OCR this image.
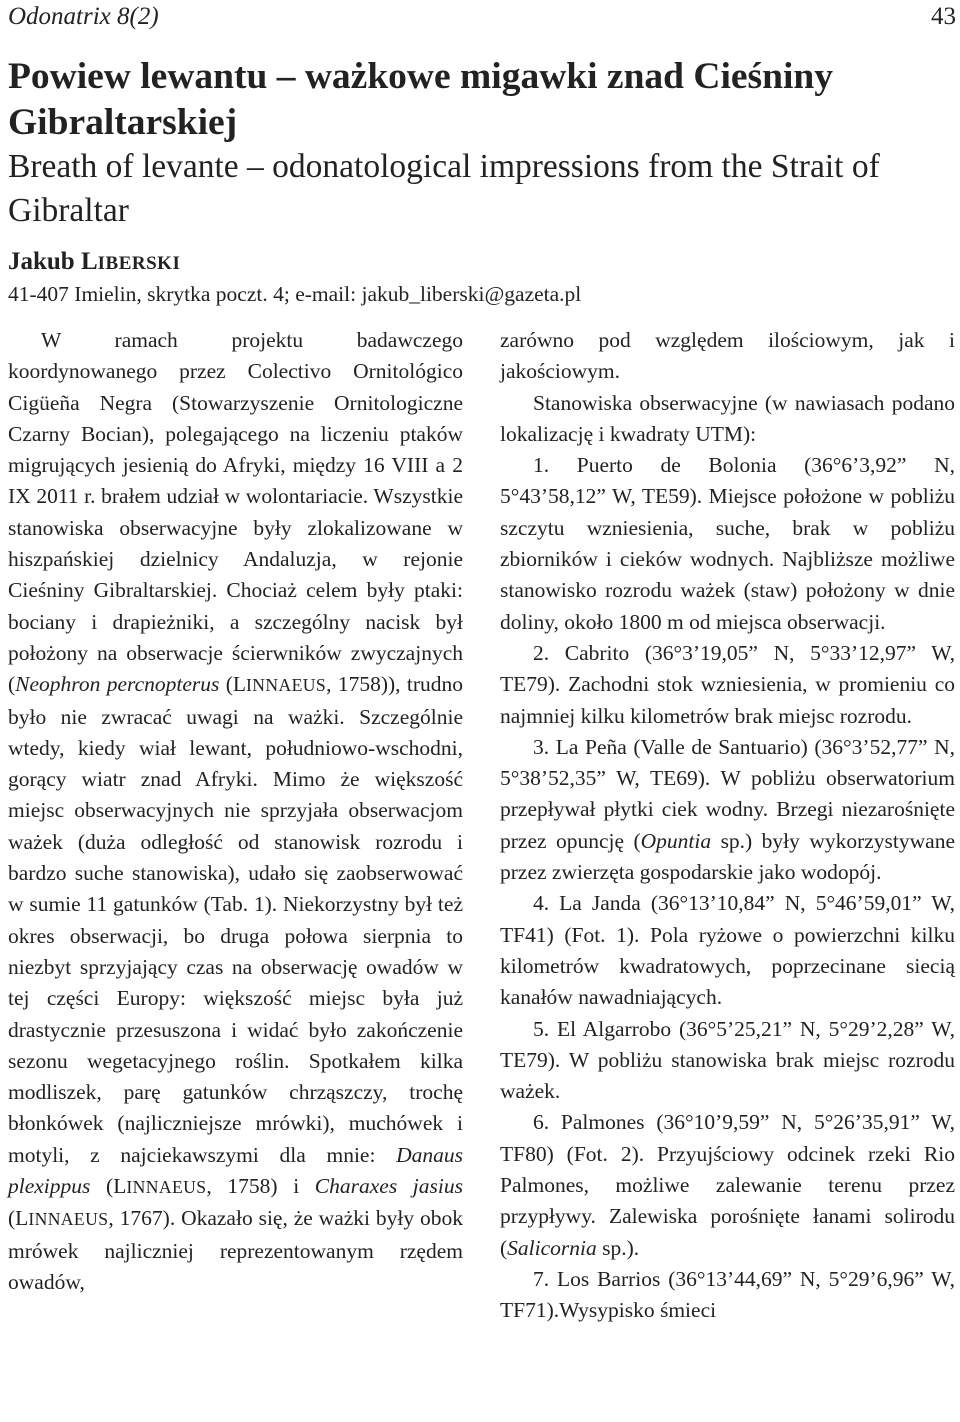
Odonatrix 8(2)	43
Powiew lewantu – ważkowe migawki znad Cieśniny Gibraltarskiej
Breath of levante – odonatological impressions from the Strait of Gibraltar

Jakub LIBERSKI

41-407 Imielin, skrytka poczt. 4; e-mail: jakub_liberski@gazeta.pl

W ramach projektu badawczego koordynowanego przez Colectivo Ornitológico Cigüeña Negra (Stowarzyszenie Ornitologiczne Czarny Bocian), polegającego na liczeniu ptaków migrujących jesienią do Afryki, między 16 VIII a 2 IX 2011 r. brałem udział w wolontariacie. Wszystkie stanowiska obserwacyjne były zlokalizowane w hiszpańskiej dzielnicy Andaluzja, w rejonie Cieśniny Gibraltarskiej. Chociaż celem były ptaki: bociany i drapieżniki, a szczególny nacisk był położony na obserwacje ścierwników zwyczajnych (Neophron percnopterus (LINNAEUS, 1758)), trudno było nie zwracać uwagi na ważki. Szczególnie wtedy, kiedy wiał lewant, południowo-wschodni, gorący wiatr znad Afryki. Mimo że większość miejsc obserwacyjnych nie sprzyjała obserwacjom ważek (duża odległość od stanowisk rozrodu i bardzo suche stanowiska), udało się zaobserwować w sumie 11 gatunków (Tab. 1). Niekorzystny był też okres obserwacji, bo druga połowa sierpnia to niezbyt sprzyjający czas na obserwację owadów w tej części Europy: większość miejsc była już drastycznie przesuszona i widać było zakończenie sezonu wegetacyjnego roślin. Spotkałem kilka modliszek, parę gatunków chrząszczy, trochę błonkówek (najliczniejsze mrówki), muchówek i motyli, z najciekawszymi dla mnie: Danaus plexippus (LINNAEUS, 1758) i Charaxes jasius (LINNAEUS, 1767). Okazało się, że ważki były obok mrówek najliczniej reprezentowanym rzędem owadów,

zarówno pod względem ilościowym, jak i jakościowym.

Stanowiska obserwacyjne (w nawiasach podano lokalizację i kwadraty UTM):

1. Puerto de Bolonia (36°6’3,92” N, 5°43’58,12” W, TE59). Miejsce położone w pobliżu szczytu wzniesienia, suche, brak w pobliżu zbiorników i cieków wodnych. Najbliższe możliwe stanowisko rozrodu ważek (staw) położony w dnie doliny, około 1800 m od miejsca obserwacji.

2. Cabrito (36°3’19,05” N, 5°33’12,97” W, TE79). Zachodni stok wzniesienia, w promieniu co najmniej kilku kilometrów brak miejsc rozrodu.

3. La Peña (Valle de Santuario) (36°3’52,77” N, 5°38’52,35” W, TE69). W pobliżu obserwatorium przepływał płytki ciek wodny. Brzegi niezarośnięte przez opuncję (Opuntia sp.) były wykorzystywane przez zwierzęta gospodarskie jako wodopój.

4. La Janda (36°13’10,84” N, 5°46’59,01” W, TF41) (Fot. 1). Pola ryżowe o powierzchni kilku kilometrów kwadratowych, poprzecinane siecią kanałów nawadniających.

5. El Algarrobo (36°5’25,21” N, 5°29’2,28” W, TE79). W pobliżu stanowiska brak miejsc rozrodu ważek.

6. Palmones (36°10’9,59” N, 5°26’35,91” W, TF80) (Fot. 2). Przyujściowy odcinek rzeki Rio Palmones, możliwe zalewanie terenu przez przypływy. Zalewiska porośnięte łanami solirodu (Salicornia sp.).

7. Los Barrios (36°13’44,69” N, 5°29’6,96” W, TF71).Wysypisko śmieci
